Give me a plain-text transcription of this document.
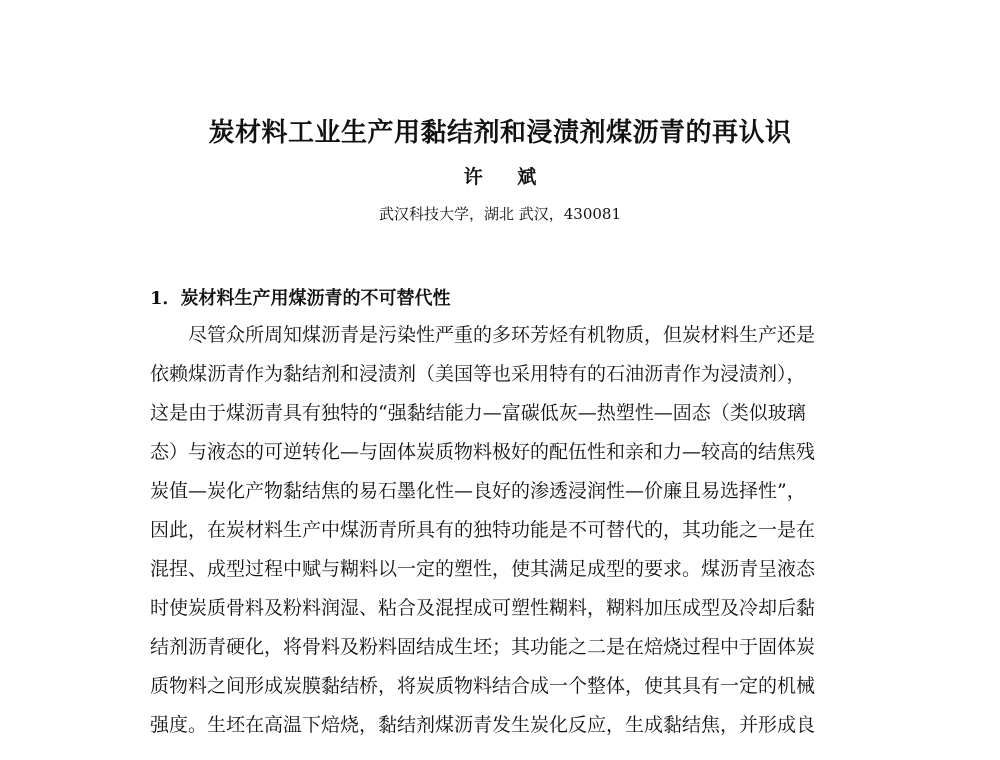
炭材料工业生产用黏结剂和浸渍剂煤沥青的再认识
许 斌
武汉科技大学，湖北 武汉，430081
1．炭材料生产用煤沥青的不可替代性
尽管众所周知煤沥青是污染性严重的多环芳烃有机物质，但炭材料生产还是
依赖煤沥青作为黏结剂和浸渍剂（美国等也采用特有的石油沥青作为浸渍剂），
这是由于煤沥青具有独特的“强黏结能力—富碳低灰—热塑性—固态（类似玻璃
态）与液态的可逆转化—与固体炭质物料极好的配伍性和亲和力—较高的结焦残
炭值—炭化产物黏结焦的易石墨化性—良好的渗透浸润性—价廉且易选择性”，
因此，在炭材料生产中煤沥青所具有的独特功能是不可替代的，其功能之一是在
混捏、成型过程中赋与糊料以一定的塑性，使其满足成型的要求。煤沥青呈液态
时使炭质骨料及粉料润湿、粘合及混捏成可塑性糊料，糊料加压成型及冷却后黏
结剂沥青硬化，将骨料及粉料固结成生坯；其功能之二是在焙烧过程中于固体炭
质物料之间形成炭膜黏结桥，将炭质物料结合成一个整体，使其具有一定的机械
强度。生坯在高温下焙烧，黏结剂煤沥青发生炭化反应，生成黏结焦，并形成良
